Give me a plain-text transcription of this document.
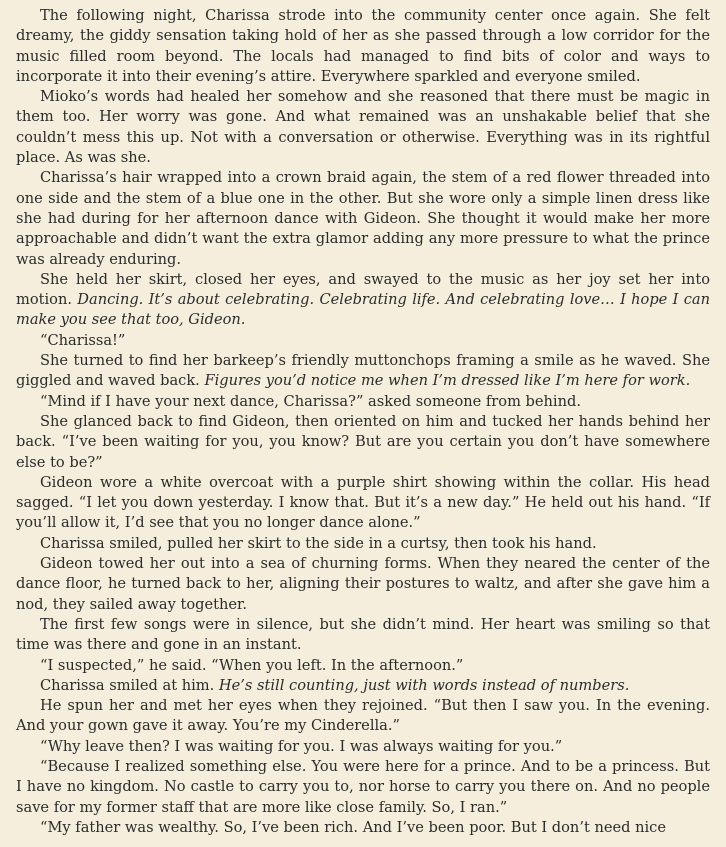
The following night, Charissa strode into the community center once again. She felt dreamy, the giddy sensation taking hold of her as she passed through a low corridor for the music filled room beyond. The locals had managed to find bits of color and ways to incorporate it into their evening’s attire. Everywhere sparkled and everyone smiled.

Mioko’s words had healed her somehow and she reasoned that there must be magic in them too. Her worry was gone. And what remained was an unshakable belief that she couldn’t mess this up. Not with a conversation or otherwise. Everything was in its rightful place. As was she.

Charissa’s hair wrapped into a crown braid again, the stem of a red flower threaded into one side and the stem of a blue one in the other. But she wore only a simple linen dress like she had during for her afternoon dance with Gideon. She thought it would make her more approachable and didn’t want the extra glamor adding any more pressure to what the prince was already enduring.

She held her skirt, closed her eyes, and swayed to the music as her joy set her into motion. Dancing. It’s about celebrating. Celebrating life. And celebrating love… I hope I can make you see that too, Gideon.

“Charissa!”

She turned to find her barkeep’s friendly muttonchops framing a smile as he waved. She giggled and waved back. Figures you’d notice me when I’m dressed like I’m here for work.

“Mind if I have your next dance, Charissa?” asked someone from behind.

She glanced back to find Gideon, then oriented on him and tucked her hands behind her back. “I’ve been waiting for you, you know? But are you certain you don’t have somewhere else to be?”

Gideon wore a white overcoat with a purple shirt showing within the collar. His head sagged. “I let you down yesterday. I know that. But it’s a new day.” He held out his hand. “If you’ll allow it, I’d see that you no longer dance alone.”

Charissa smiled, pulled her skirt to the side in a curtsy, then took his hand.

Gideon towed her out into a sea of churning forms. When they neared the center of the dance floor, he turned back to her, aligning their postures to waltz, and after she gave him a nod, they sailed away together.

The first few songs were in silence, but she didn’t mind. Her heart was smiling so that time was there and gone in an instant.

“I suspected,” he said. “When you left. In the afternoon.”

Charissa smiled at him. He’s still counting, just with words instead of numbers.

He spun her and met her eyes when they rejoined. “But then I saw you. In the evening. And your gown gave it away. You’re my Cinderella.”

“Why leave then? I was waiting for you. I was always waiting for you.”

“Because I realized something else. You were here for a prince. And to be a princess. But I have no kingdom. No castle to carry you to, nor horse to carry you there on. And no people save for my former staff that are more like close family. So, I ran.”

“My father was wealthy. So, I’ve been rich. And I’ve been poor. But I don’t need nice
